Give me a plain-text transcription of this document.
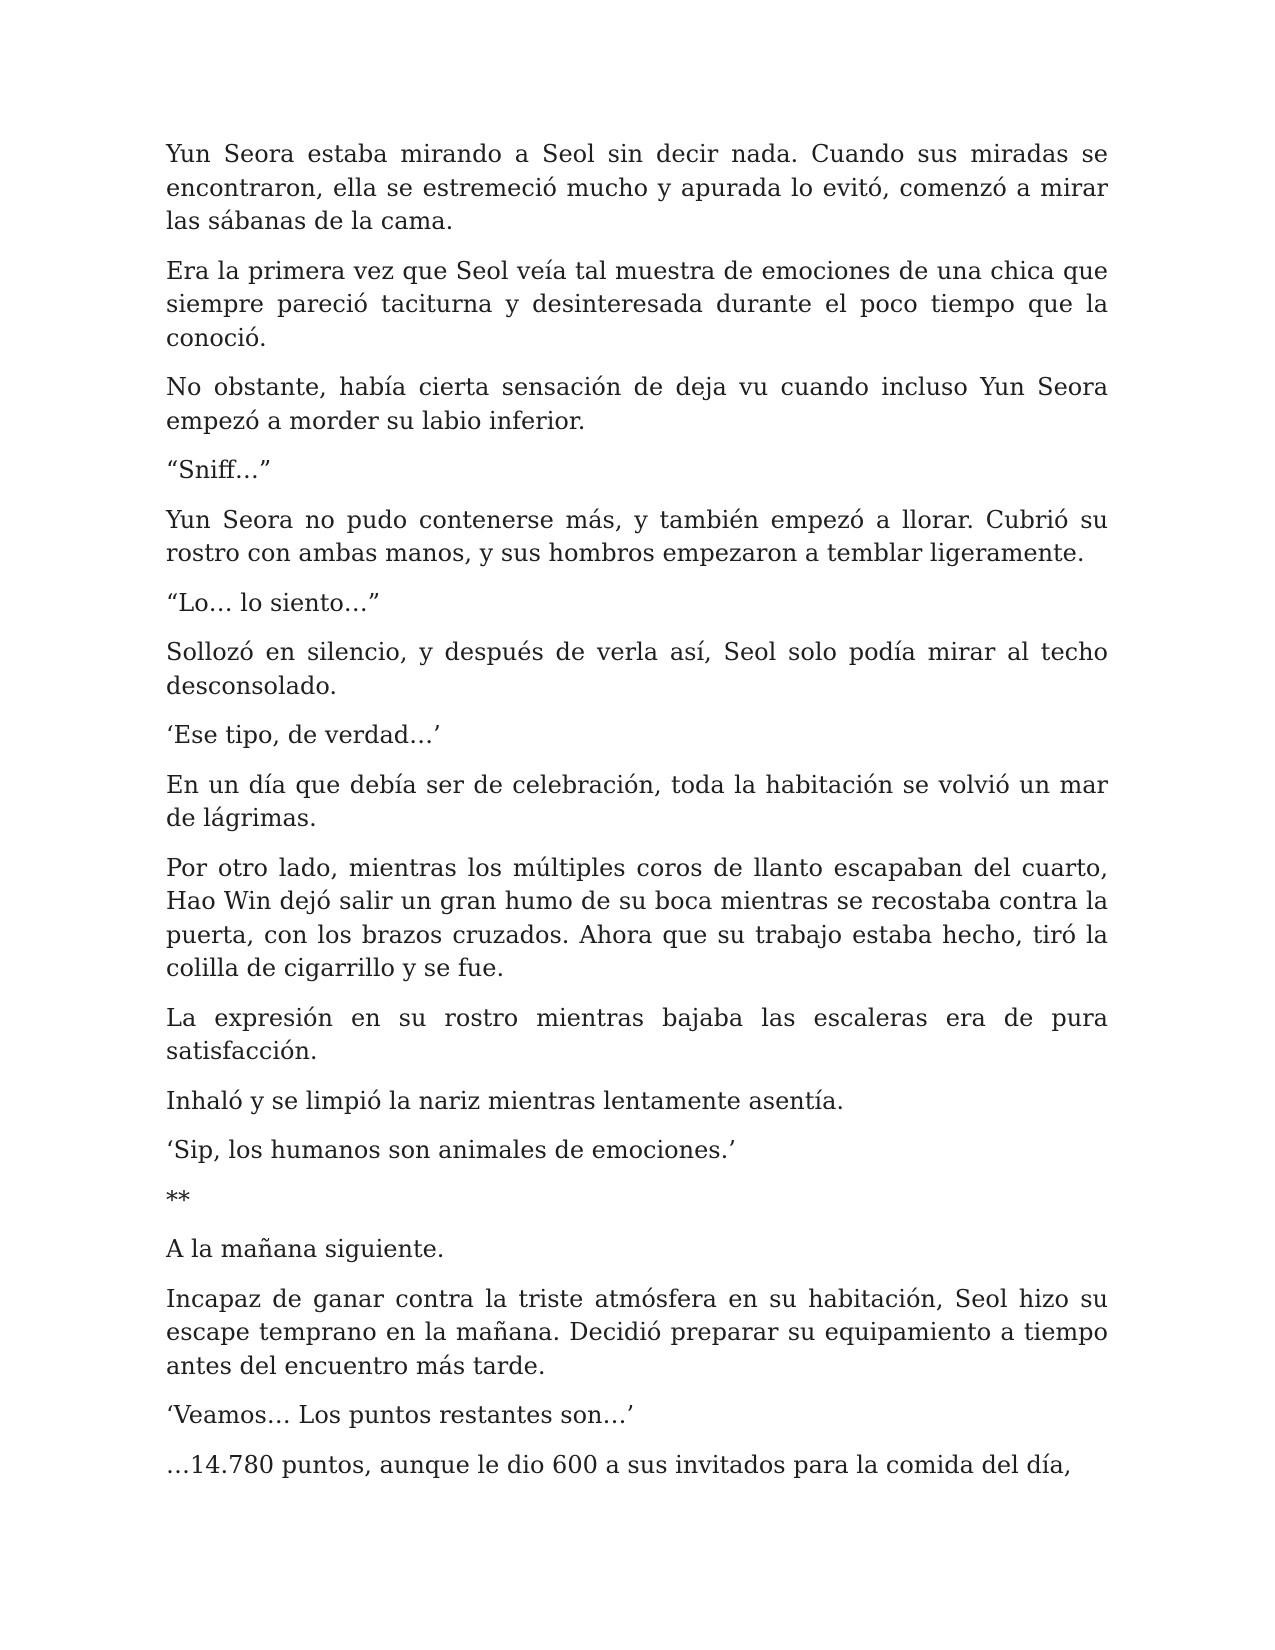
Yun Seora estaba mirando a Seol sin decir nada. Cuando sus miradas se encontraron, ella se estremeció mucho y apurada lo evitó, comenzó a mirar las sábanas de la cama.

Era la primera vez que Seol veía tal muestra de emociones de una chica que siempre pareció taciturna y desinteresada durante el poco tiempo que la conoció.

No obstante, había cierta sensación de deja vu cuando incluso Yun Seora empezó a morder su labio inferior.

“Sniff…”

Yun Seora no pudo contenerse más, y también empezó a llorar. Cubrió su rostro con ambas manos, y sus hombros empezaron a temblar ligeramente.

“Lo… lo siento…”

Sollozó en silencio, y después de verla así, Seol solo podía mirar al techo desconsolado.

‘Ese tipo, de verdad…’

En un día que debía ser de celebración, toda la habitación se volvió un mar de lágrimas.

Por otro lado, mientras los múltiples coros de llanto escapaban del cuarto, Hao Win dejó salir un gran humo de su boca mientras se recostaba contra la puerta, con los brazos cruzados. Ahora que su trabajo estaba hecho, tiró la colilla de cigarrillo y se fue.

La expresión en su rostro mientras bajaba las escaleras era de pura satisfacción.

Inhaló y se limpió la nariz mientras lentamente asentía.

‘Sip, los humanos son animales de emociones.’

**

A la mañana siguiente.

Incapaz de ganar contra la triste atmósfera en su habitación, Seol hizo su escape temprano en la mañana. Decidió preparar su equipamiento a tiempo antes del encuentro más tarde.

‘Veamos… Los puntos restantes son…’

…14.780 puntos, aunque le dio 600 a sus invitados para la comida del día,
